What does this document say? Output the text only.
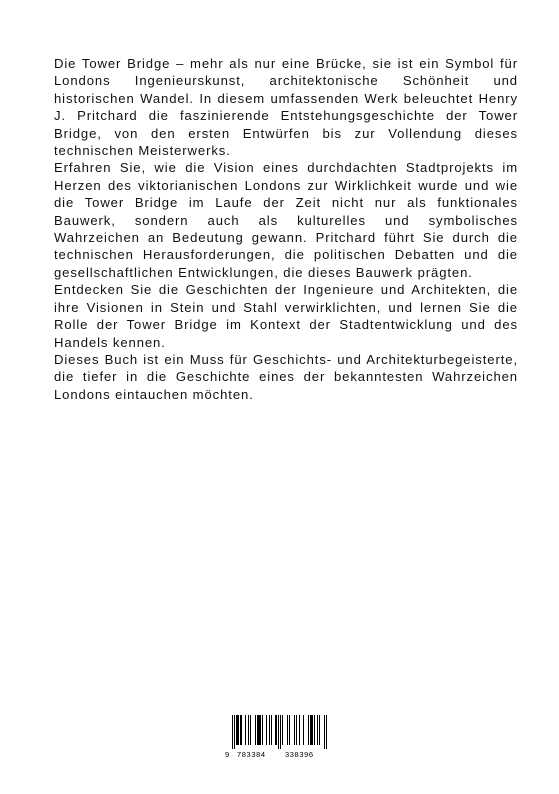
Die Tower Bridge – mehr als nur eine Brücke, sie ist ein Symbol für Londons Ingenieurskunst, architektonische Schönheit und historischen Wandel. In diesem umfassenden Werk beleuchtet Henry J. Pritchard die faszinierende Entstehungsgeschichte der Tower Bridge, von den ersten Entwürfen bis zur Vollendung dieses technischen Meisterwerks.

Erfahren Sie, wie die Vision eines durchdachten Stadtprojekts im Herzen des viktorianischen Londons zur Wirklichkeit wurde und wie die Tower Bridge im Laufe der Zeit nicht nur als funktionales Bauwerk, sondern auch als kulturelles und symbolisches Wahrzeichen an Bedeutung gewann. Pritchard führt Sie durch die technischen Herausforderungen, die politischen Debatten und die gesellschaftlichen Entwicklungen, die dieses Bauwerk prägten.

Entdecken Sie die Geschichten der Ingenieure und Architekten, die ihre Visionen in Stein und Stahl verwirklichten, und lernen Sie die Rolle der Tower Bridge im Kontext der Stadtentwicklung und des Handels kennen.

Dieses Buch ist ein Muss für Geschichts- und Architekturbegeisterte, die tiefer in die Geschichte eines der bekanntesten Wahrzeichen Londons eintauchen möchten.

9 783384	338396
